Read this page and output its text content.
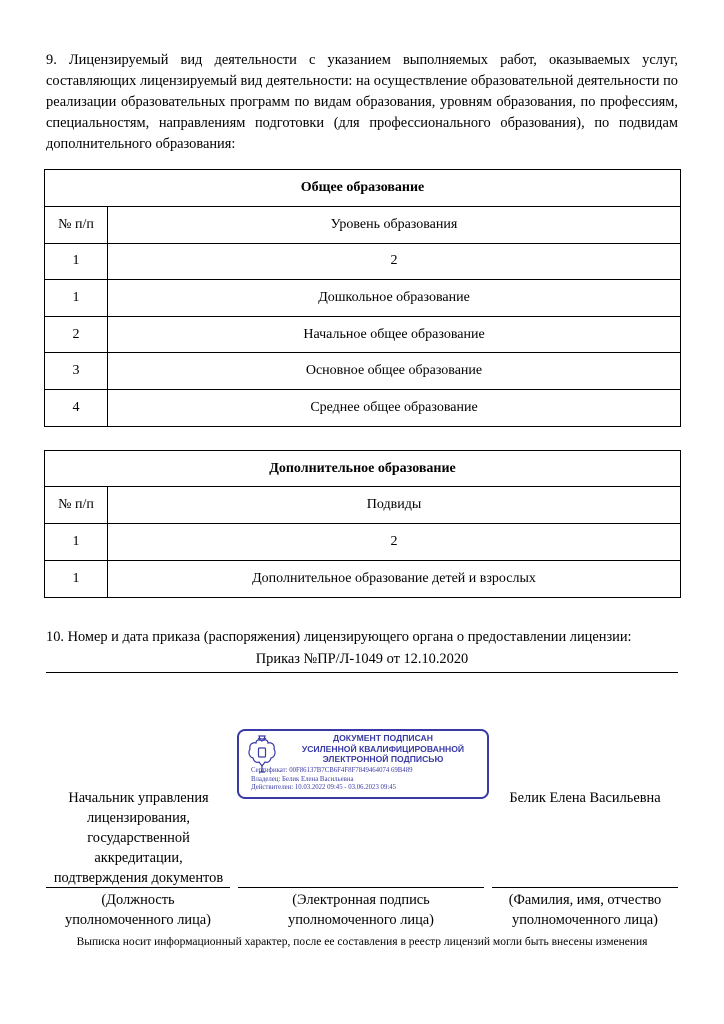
9. Лицензируемый вид деятельности с указанием выполняемых работ, оказываемых услуг, составляющих лицензируемый вид деятельности: на осуществление образовательной деятельности по реализации образовательных программ по видам образования, уровням образования, по профессиям, специальностям, направлениям подготовки (для профессионального образования), по подвидам дополнительного образования:

Общее образование	
№ п/п	Уровень образования
1	2
1	Дошкольное образование
2	Начальное общее образование
3	Основное общее образование
4	Среднее общее образование
Дополнительное образование	
№ п/п	Подвиды
1	2
1	Дополнительное образование детей и взрослых
10. Номер и дата приказа (распоряжения) лицензирующего органа о предоставлении лицензии:
Приказ №ПР/Л-1049 от 12.10.2020
ДОКУМЕНТ ПОДПИСАН
УСИЛЕННОЙ КВАЛИФИЦИРОВАННОЙ
ЭЛЕКТРОННОЙ ПОДПИСЬЮ
Сертификат: 00F86137B7CB6F4F8F7849464074 69B489
Владелец: Белик Елена Васильевна
Действителен: 10.03.2022 09:45 - 03.06.2023 09:45
Начальник управления лицензирования, государственной аккредитации, подтверждения документов
Белик Елена Васильевна
(Должность уполномоченного лица)
(Электронная подпись уполномоченного лица)
(Фамилия, имя, отчество уполномоченного лица)
Выписка носит информационный характер, после ее составления в реестр лицензий могли быть внесены изменения
